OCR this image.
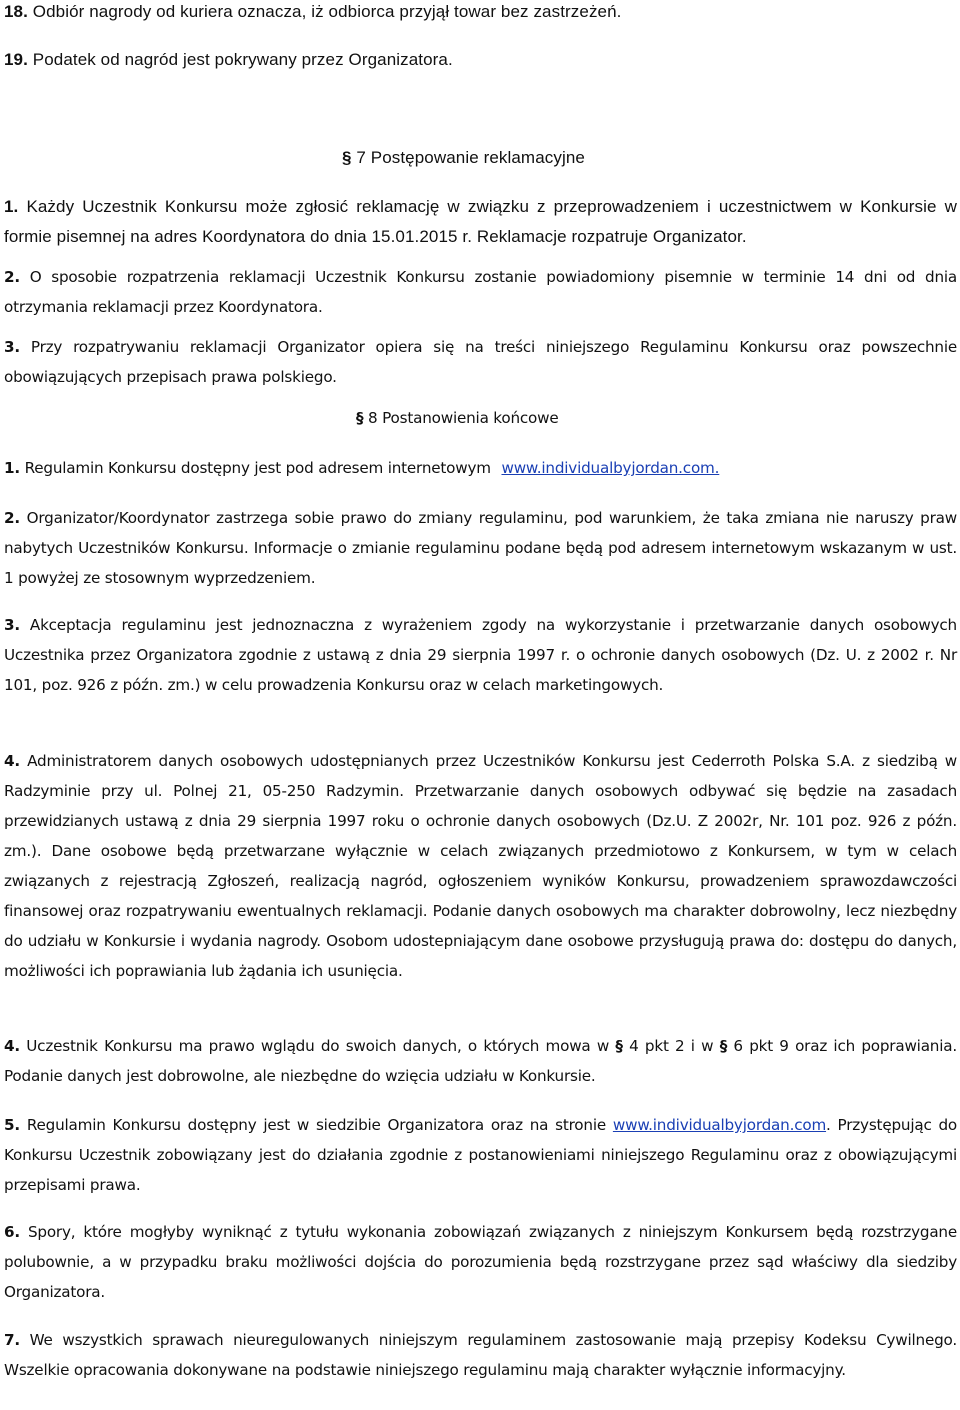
18. Odbiór nagrody od kuriera oznacza, iż odbiorca przyjął towar bez zastrzeżeń.

19. Podatek od nagród jest pokrywany przez Organizatora.

§ 7 Postępowanie reklamacyjne

1. Każdy Uczestnik Konkursu może zgłosić reklamację w związku z przeprowadzeniem i uczestnictwem w Konkursie w formie pisemnej na adres Koordynatora do dnia 15.01.2015 r. Reklamacje rozpatruje Organizator.

2. O sposobie rozpatrzenia reklamacji Uczestnik Konkursu zostanie powiadomiony pisemnie w terminie 14 dni od dnia otrzymania reklamacji przez Koordynatora.

3. Przy rozpatrywaniu reklamacji Organizator opiera się na treści niniejszego Regulaminu Konkursu oraz powszechnie obowiązujących przepisach prawa polskiego.

§ 8 Postanowienia końcowe

1. Regulamin Konkursu dostępny jest pod adresem internetowym www.individualbyjordan.com.

2. Organizator/Koordynator zastrzega sobie prawo do zmiany regulaminu, pod warunkiem, że taka zmiana nie naruszy praw nabytych Uczestników Konkursu. Informacje o zmianie regulaminu podane będą pod adresem internetowym wskazanym w ust. 1 powyżej ze stosownym wyprzedzeniem.

3. Akceptacja regulaminu jest jednoznaczna z wyrażeniem zgody na wykorzystanie i przetwarzanie danych osobowych Uczestnika przez Organizatora zgodnie z ustawą z dnia 29 sierpnia 1997 r. o ochronie danych osobowych (Dz. U. z 2002 r. Nr 101, poz. 926 z późn. zm.) w celu prowadzenia Konkursu oraz w celach marketingowych.

4. Administratorem danych osobowych udostępnianych przez Uczestników Konkursu jest Cederroth Polska S.A. z siedzibą w Radzyminie przy ul. Polnej 21, 05-250 Radzymin. Przetwarzanie danych osobowych odbywać się będzie na zasadach przewidzianych ustawą z dnia 29 sierpnia 1997 roku o ochronie danych osobowych (Dz.U. Z 2002r, Nr. 101 poz. 926 z późn. zm.). Dane osobowe będą przetwarzane wyłącznie w celach związanych przedmiotowo z Konkursem, w tym w celach związanych z rejestracją Zgłoszeń, realizacją nagród, ogłoszeniem wyników Konkursu, prowadzeniem sprawozdawczości finansowej oraz rozpatrywaniu ewentualnych reklamacji. Podanie danych osobowych ma charakter dobrowolny, lecz niezbędny do udziału w Konkursie i wydania nagrody. Osobom udostepniającym dane osobowe przysługują prawa do: dostępu do danych, możliwości ich poprawiania lub żądania ich usunięcia.

4. Uczestnik Konkursu ma prawo wglądu do swoich danych, o których mowa w § 4 pkt 2 i w § 6 pkt 9 oraz ich poprawiania. Podanie danych jest dobrowolne, ale niezbędne do wzięcia udziału w Konkursie.

5. Regulamin Konkursu dostępny jest w siedzibie Organizatora oraz na stronie www.individualbyjordan.com. Przystępując do Konkursu Uczestnik zobowiązany jest do działania zgodnie z postanowieniami niniejszego Regulaminu oraz z obowiązującymi przepisami prawa.

6. Spory, które mogłyby wyniknąć z tytułu wykonania zobowiązań związanych z niniejszym Konkursem będą rozstrzygane polubownie, a w przypadku braku możliwości dojścia do porozumienia będą rozstrzygane przez sąd właściwy dla siedziby Organizatora.

7. We wszystkich sprawach nieuregulowanych niniejszym regulaminem zastosowanie mają przepisy Kodeksu Cywilnego. Wszelkie opracowania dokonywane na podstawie niniejszego regulaminu mają charakter wyłącznie informacyjny.
